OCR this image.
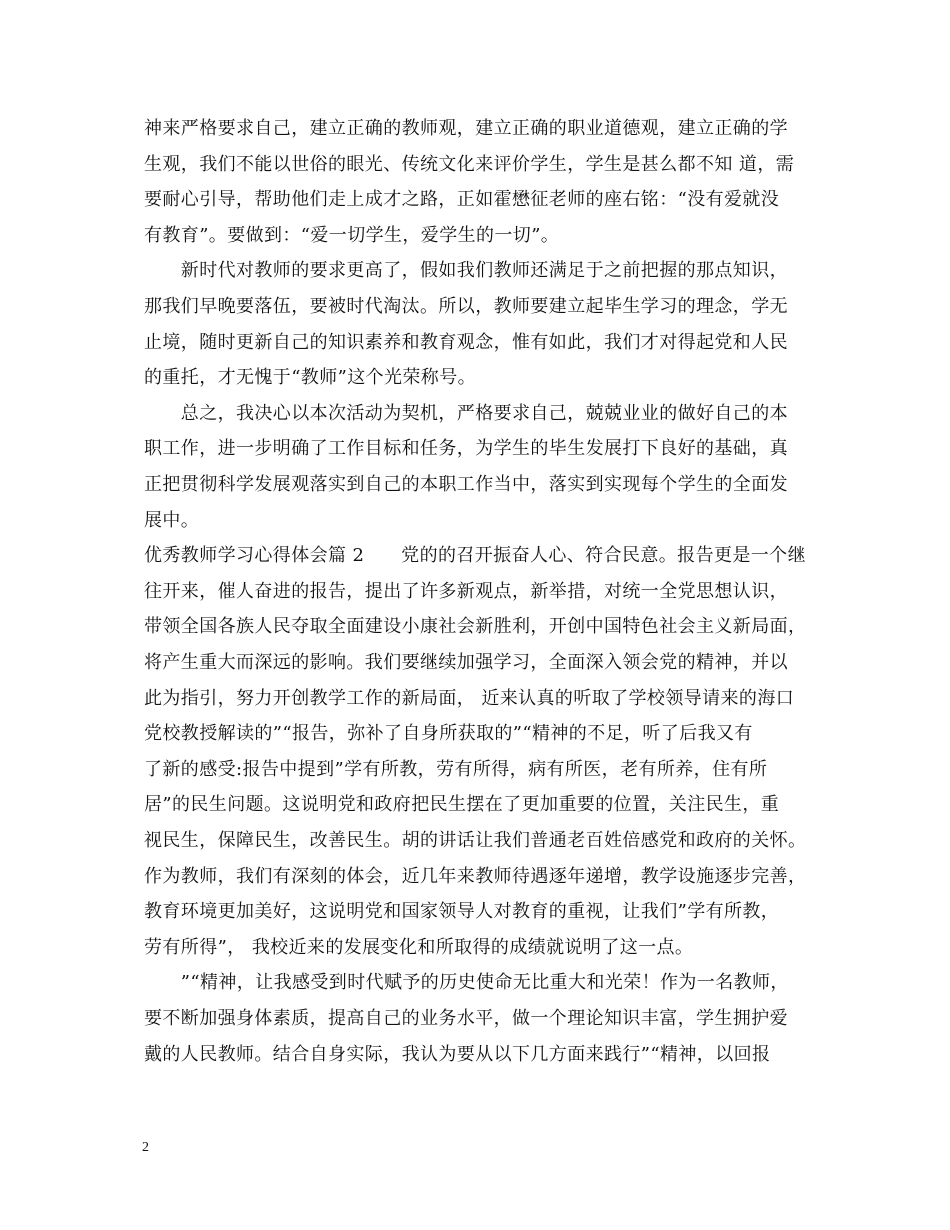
神来严格要求自己，建立正确的教师观，建立正确的职业道德观，建立正确的学
生观，我们不能以世俗的眼光、传统文化来评价学生，学生是甚么都不知 道，需
要耐心引导，帮助他们走上成才之路，正如霍懋征老师的座右铭：“没有爱就没
有教育”。要做到：“爱一切学生，爱学生的一切”。
　　新时代对教师的要求更高了，假如我们教师还满足于之前把握的那点知识，
那我们早晚要落伍，要被时代淘汰。所以，教师要建立起毕生学习的理念，学无
止境，随时更新自己的知识素养和教育观念，惟有如此，我们才对得起党和人民
的重托，才无愧于“教师”这个光荣称号。
　　总之，我决心以本次活动为契机，严格要求自己，兢兢业业的做好自己的本
职工作，进一步明确了工作目标和任务，为学生的毕生发展打下良好的基础，真
正把贯彻科学发展观落实到自己的本职工作当中，落实到实现每个学生的全面发
展中。
优秀教师学习心得体会篇 2　　党的的召开振奋人心、符合民意。报告更是一个继
往开来，催人奋进的报告，提出了许多新观点，新举措，对统一全党思想认识，
带领全国各族人民夺取全面建设小康社会新胜利，开创中国特色社会主义新局面，
将产生重大而深远的影响。我们要继续加强学习，全面深入领会党的精神，并以
此为指引，努力开创教学工作的新局面， 近来认真的听取了学校领导请来的海口
党校教授解读的”“报告，弥补了自身所获取的”“精神的不足，听了后我又有
了新的感受:报告中提到”学有所教，劳有所得，病有所医，老有所养，住有所
居”的民生问题。这说明党和政府把民生摆在了更加重要的位置，关注民生，重
视民生，保障民生，改善民生。胡的讲话让我们普通老百姓倍感党和政府的关怀。
作为教师，我们有深刻的体会，近几年来教师待遇逐年递增，教学设施逐步完善，
教育环境更加美好，这说明党和国家领导人对教育的重视，让我们”学有所教，
劳有所得”， 我校近来的发展变化和所取得的成绩就说明了这一点。
　　”“精神，让我感受到时代赋予的历史使命无比重大和光荣！作为一名教师，
要不断加强身体素质，提高自己的业务水平，做一个理论知识丰富，学生拥护爱
戴的人民教师。结合自身实际，我认为要从以下几方面来践行”“精神，以回报
2
